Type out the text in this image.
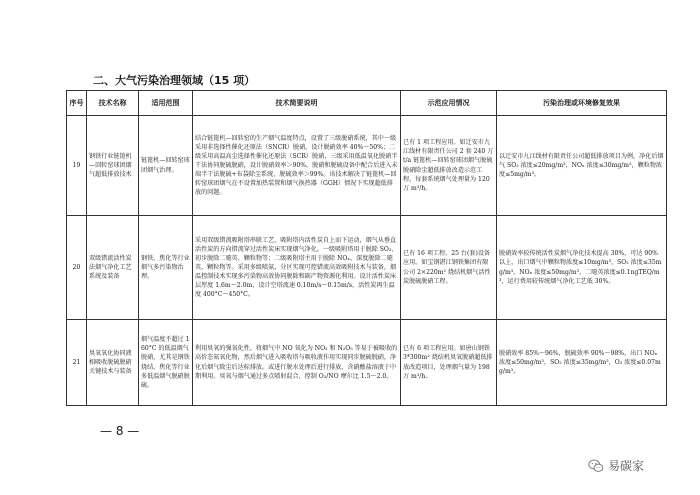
二、大气污染治理领域（15 项）
序号	技术名称	适用范围	技术简要说明	示范应用情况	污染治理或环境修复效果
19	钢铁行业链篦机—回转窑球团烟气超低排放技术	链篦机—回转窑球团烟气治理。	结合链篦机—回转窑的生产烟气温度特点，设置了三级脱硝系统，其中一级采用非选择性催化还原法（SNCR）脱硝，设计脱硝效率 40%～50%；二级采用高温高尘选择性催化还原法（SCR）脱硝，三级采用低温氧化脱硝半干法协同脱硫脱硝，设计脱硝效率＞90%，脱硝和脱硫设备中配合后进入末端半干法脱硫+布袋除尘系统，脱硫效率＞99%。该技术解决了链篦机—回转窑球团烟气在不设置加热装置和烟气换热器（GGH）情况下实现超低排放的问题。	已有 1 项工程应用。如迁安市九江线材有限责任公司 2 套 240 万 t/a 链篦机—回转窑球团烟气脱硫脱硝除尘超低排放改造示范工程，每套系统烟气处理量为 120 万 m³/h。	以迁安市九江线材有限责任公司超低排放项目为例，净化后烟气 SO₂ 浓度≤20mg/m³，NOₓ 浓度≤30mg/m³，颗粒物浓度≤5mg/m³。
20	双级错流活性炭法烟气净化工艺系统及装备	钢铁、焦化等行业烟气多污染物治理。	采用双级错流吸附塔串联工艺，吸附塔内活性炭自上而下运动，烟气从垂直活性炭的方向错流穿过活性炭床实现烟气净化。一级吸附塔用于脱除 SO₂、初步脱除二噁英、颗粒物等；二级吸附塔主用于脱除 NOₓ、深度脱除二噁英、颗粒物等。采用多级喷氨，分区实现可控错流高效吸附技术与装备，烟温控制技术实现多污染物高效协同脱除和副产物资源化利用。设计活性炭床层厚度 1.6m～2.0m，设计空塔流速 0.10m/s～0.15m/s，活性炭再生温度 400°C～450°C。	已有 16 项工程、25 台(套)设备应用。如宝钢湛江钢铁集团有限公司 2×220m² 烧结机烟气活性炭脱硫脱硝工程。	脱硝效率较传统活性炭烟气净化技术提高 30%，可达 90%以上，出口烟气中颗粒物浓度≤10mg/m³，SO₂ 浓度≤35mg/m³，NOₓ 浓度≤50mg/m³，二噁英浓度≤0.1ngTEQ/m³，运行费用较传统烟气净化工艺低 30%。
21	臭氧氧化协同液相吸收脱硫脱硝关键技术与装备	烟气温度不超过 160°C 的低温烟气脱硝，尤其是钢铁烧结、焦化等行业多低温烟气脱硝脱硫。	利用臭氧的强氧化性，将烟气中 NO 氧化为 NO₂ 和 N₂O₅ 等易于被吸收的高价态氮氧化物，然后烟气进入吸收塔与吸收液作用实现同步脱硫脱硝，净化后烟气除尘后达标排放。或进行脱水处理后进行排放，含硝酸盐溶液于中期利用。臭氧与烟气通过多点喷射混合，控制 O₃/NO 摩尔比 1.5～2.0。	已有 6 项工程应用。如唐山钢铁 3*300m² 烧结机臭氧脱硝超低排放改造项目，处理烟气量为 198 万 m³/h。	脱硝效率 85%～96%，脱硫效率 90%～98%，出口 NOₓ 浓度≤50mg/m³，SO₂ 浓度≤35mg/m³，O₃ 浓度≤0.07mg/m³。
— 8 —
易碳家
